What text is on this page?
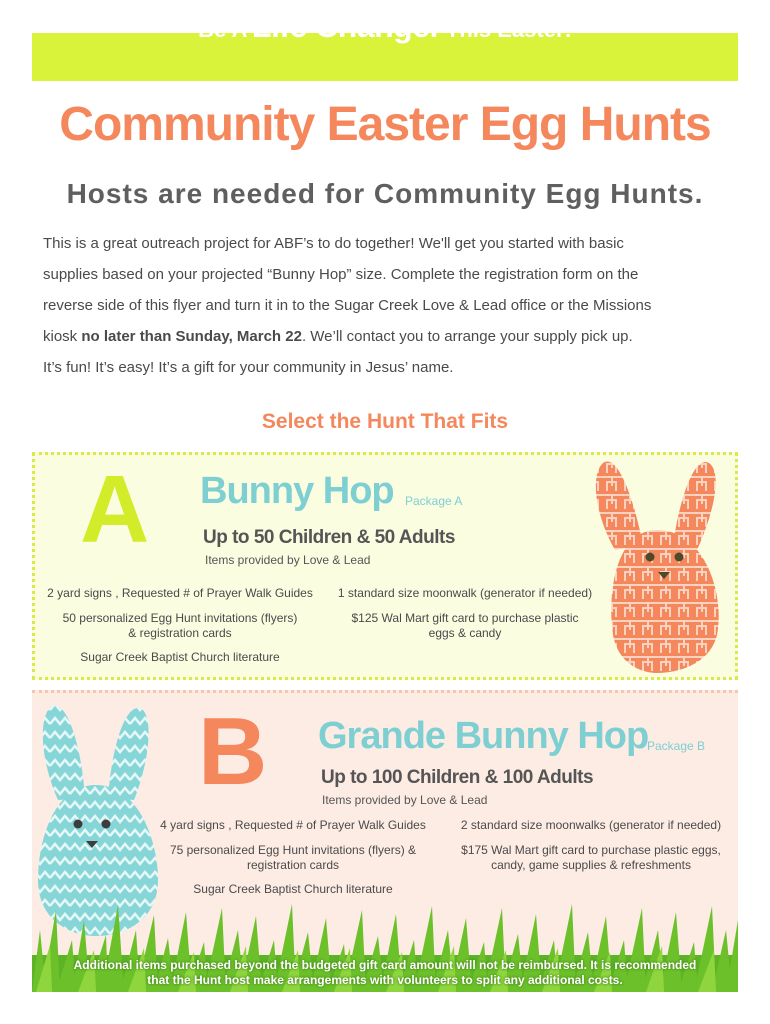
Be A Life Changer This Easter!
Community Easter Egg Hunts
Hosts are needed for Community Egg Hunts.

This is a great outreach project for ABF’s to do together! We'll get you started with basic

supplies based on your projected “Bunny Hop” size. Complete the registration form on the

reverse side of this flyer and turn it in to the Sugar Creek Love & Lead office or the Missions

kiosk no later than Sunday, March 22. We’ll contact you to arrange your supply pick up.

It’s fun! It’s easy! It’s a gift for your community in Jesus’ name.

Select the Hunt That Fits
A Bunny Hop Package A
Up to 50 Children & 50 Adults
Items provided by Love & Lead
2 yard signs , Requested # of Prayer Walk Guides	1 standard size moonwalk (generator if needed)
50 personalized Egg Hunt invitations (flyers)
& registration cards
$125 Wal Mart gift card to purchase plastic
eggs & candy
Sugar Creek Baptist Church literature
B Grande Bunny Hop
Package B
Up to 100 Children & 100 Adults
Items provided by Love & Lead
4 yard signs , Requested # of Prayer Walk Guides	2 standard size moonwalks (generator if needed)
75 personalized Egg Hunt invitations (flyers) &
registration cards
$175 Wal Mart gift card to purchase plastic eggs,
candy, game supplies & refreshments
Sugar Creek Baptist Church literature
Additional items purchased beyond the budgeted gift card amount will not be reimbursed. It is recommended
that the Hunt host make arrangements with volunteers to split any additional costs.
